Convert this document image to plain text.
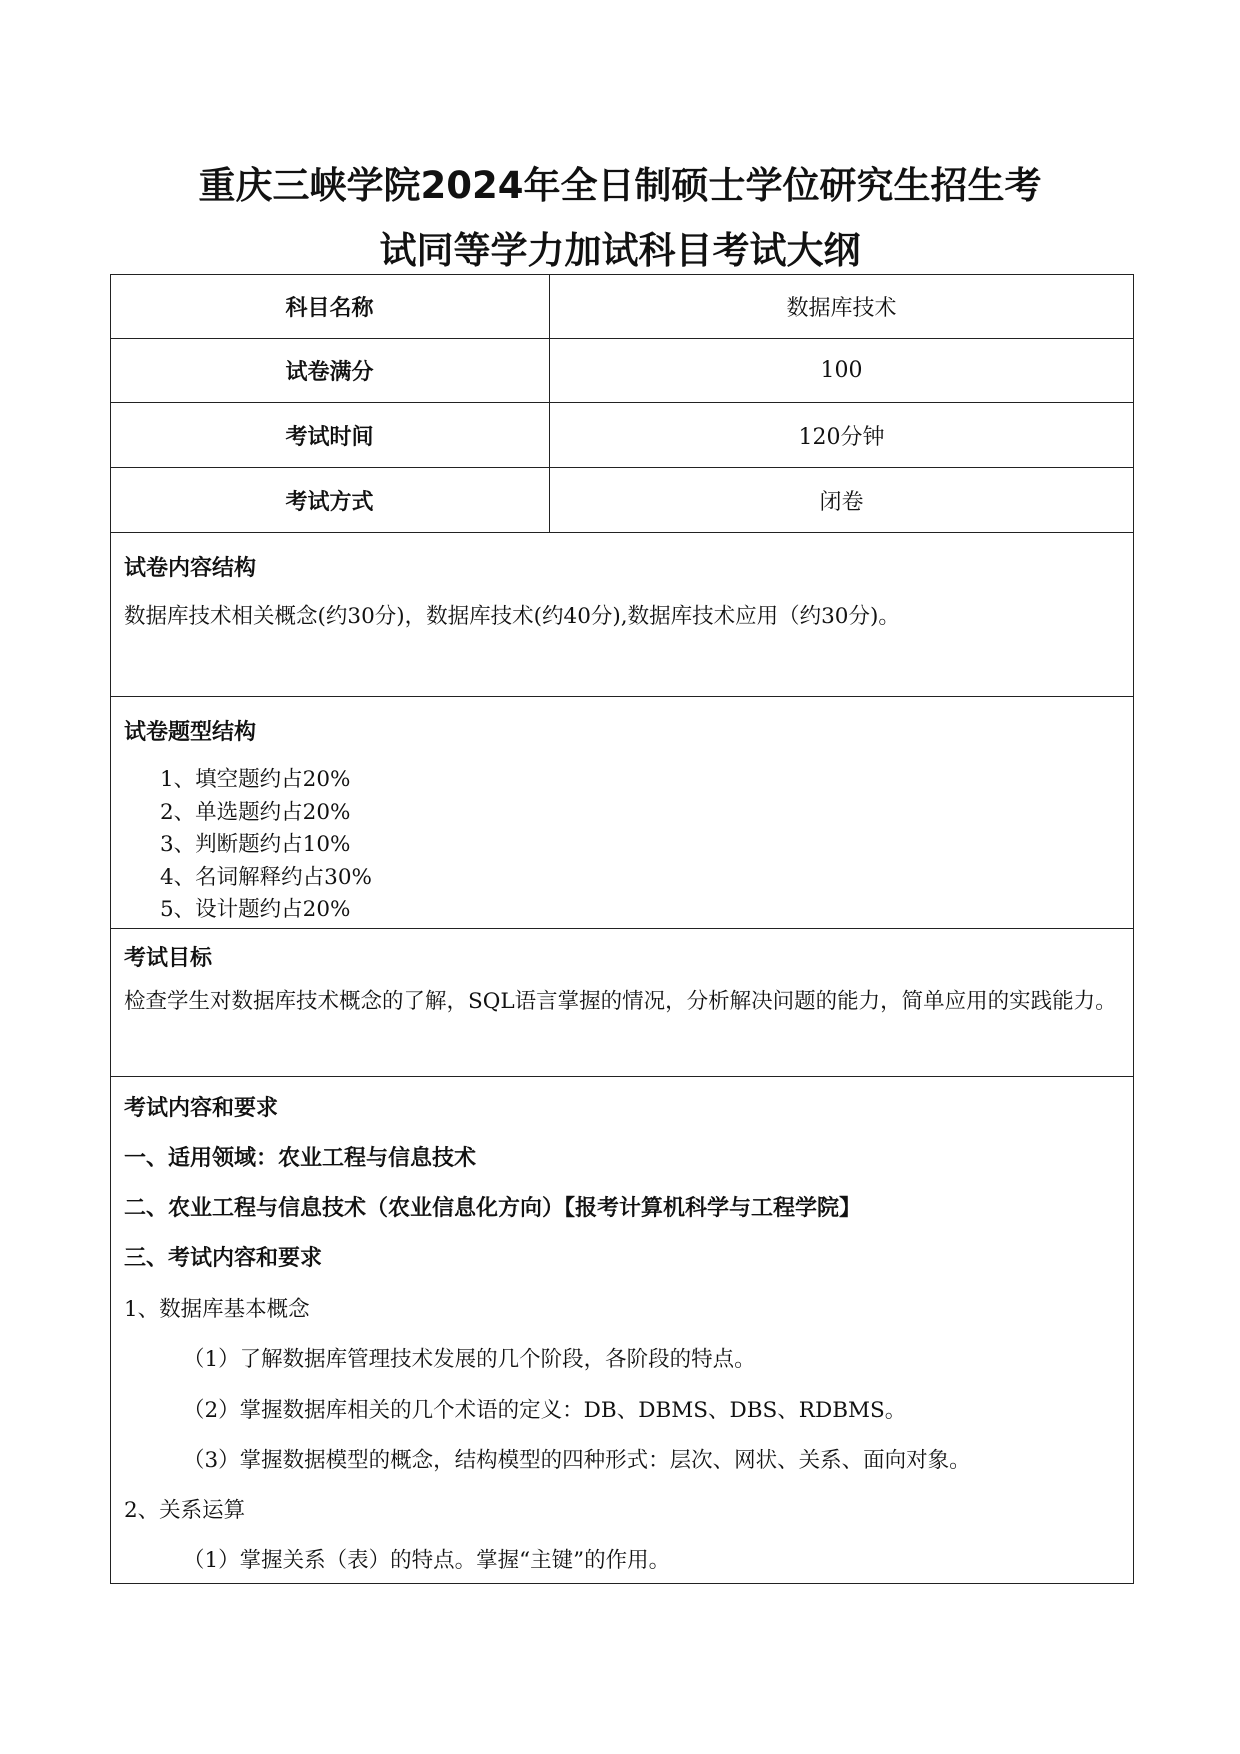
重庆三峡学院2024年全日制硕士学位研究生招生考
试同等学力加试科目考试大纲
科目名称	数据库技术
试卷满分	100
考试时间	120分钟
考试方式	闭卷
试卷内容结构
数据库技术相关概念(约30分)，数据库技术(约40分),数据库技术应用（约30分)。
试卷题型结构
1、填空题约占20%
2、单选题约占20%
3、判断题约占10%
4、名词解释约占30%
5、设计题约占20%
考试目标
检查学生对数据库技术概念的了解，SQL语言掌握的情况，分析解决问题的能力，简单应用的实践能力。
考试内容和要求
一、适用领域：农业工程与信息技术
二、农业工程与信息技术（农业信息化方向）【报考计算机科学与工程学院】
三、考试内容和要求
1、数据库基本概念
（1）了解数据库管理技术发展的几个阶段，各阶段的特点。
（2）掌握数据库相关的几个术语的定义：DB、DBMS、DBS、RDBMS。
（3）掌握数据模型的概念，结构模型的四种形式：层次、网状、关系、面向对象。
2、关系运算
（1）掌握关系（表）的特点。掌握“主键”的作用。
